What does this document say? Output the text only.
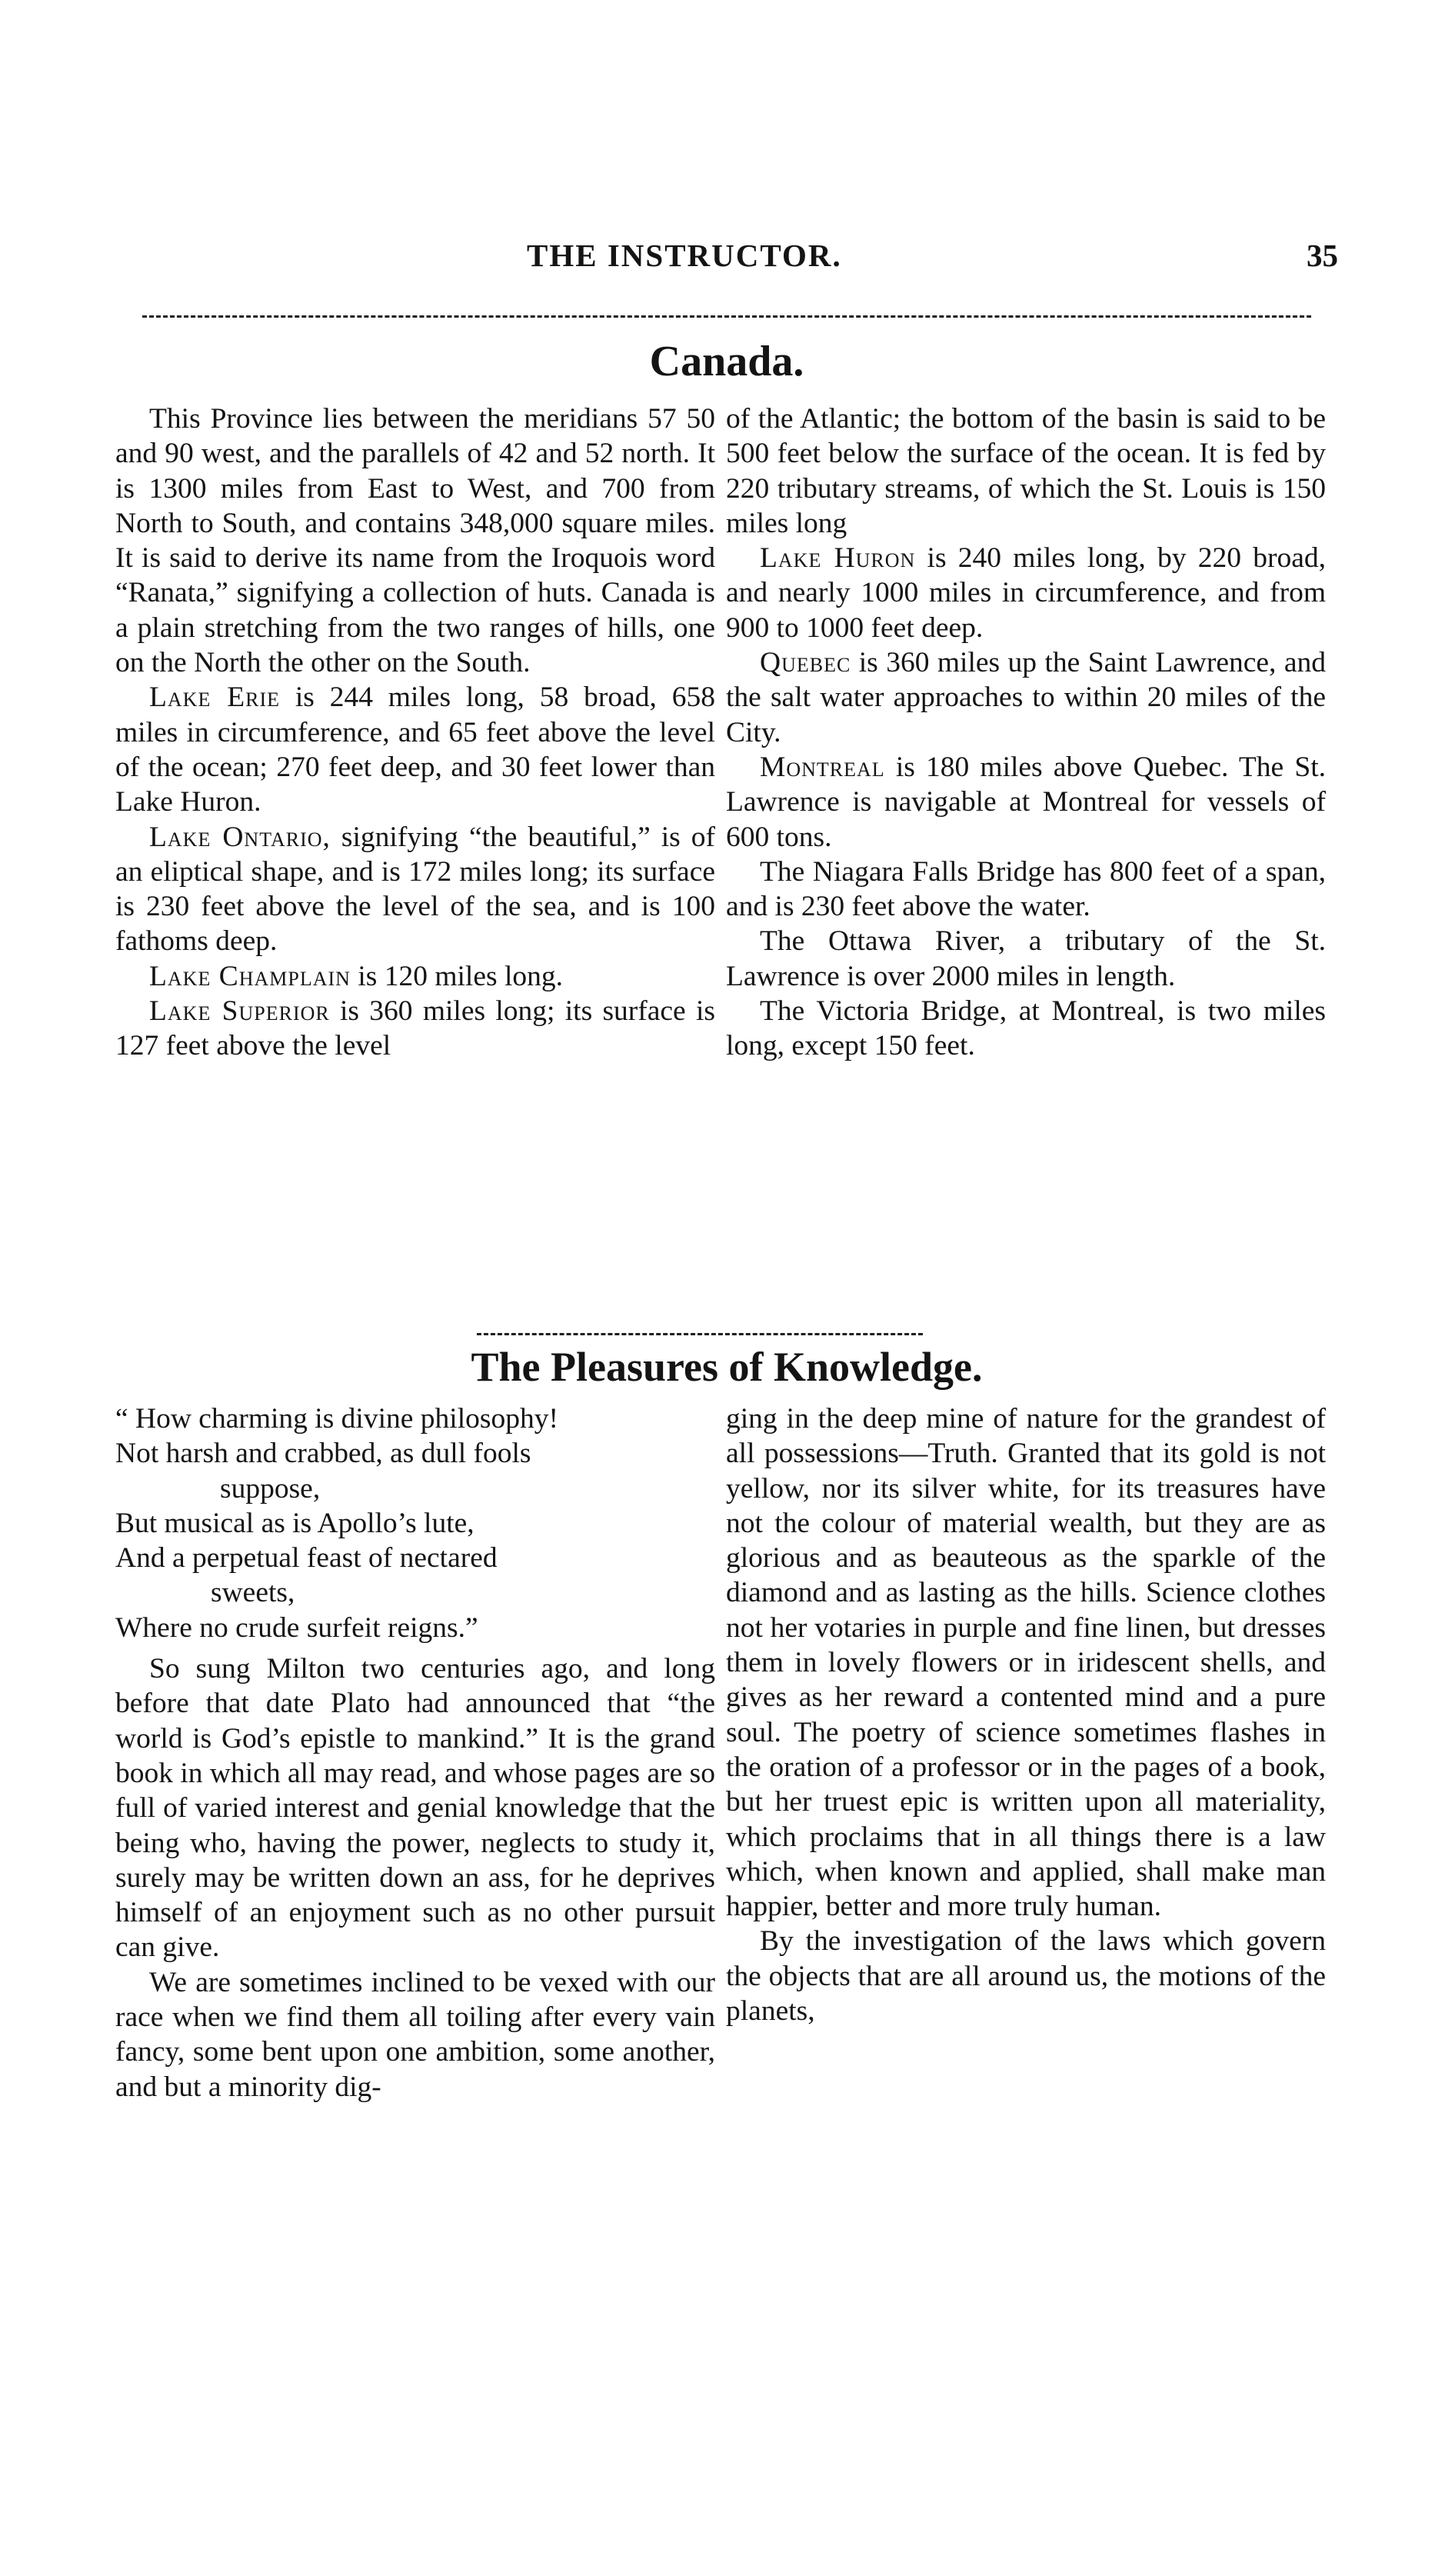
THE INSTRUCTOR.	35
Canada.

This Province lies between the meridians 57 50 and 90 west, and the parallels of 42 and 52 north. It is 1300 miles from East to West, and 700 from North to South, and contains 348,000 square miles. It is said to derive its name from the Iroquois word “Ranata,” signifying a collection of huts. Canada is a plain stretching from the two ranges of hills, one on the North the other on the South.

Lake Erie is 244 miles long, 58 broad, 658 miles in circumference, and 65 feet above the level of the ocean; 270 feet deep, and 30 feet lower than Lake Huron.

Lake Ontario, signifying “the beautiful,” is of an eliptical shape, and is 172 miles long; its surface is 230 feet above the level of the sea, and is 100 fathoms deep.

Lake Champlain is 120 miles long.

Lake Superior is 360 miles long; its surface is 127 feet above the level

of the Atlantic; the bottom of the basin is said to be 500 feet below the surface of the ocean. It is fed by 220 tributary streams, of which the St. Louis is 150 miles long

Lake Huron is 240 miles long, by 220 broad, and nearly 1000 miles in circumference, and from 900 to 1000 feet deep.

Quebec is 360 miles up the Saint Lawrence, and the salt water approaches to within 20 miles of the City.

Montreal is 180 miles above Quebec. The St. Lawrence is navigable at Montreal for vessels of 600 tons.

The Niagara Falls Bridge has 800 feet of a span, and is 230 feet above the water.

The Ottawa River, a tributary of the St. Lawrence is over 2000 miles in length.

The Victoria Bridge, at Montreal, is two miles long, except 150 feet.

The Pleasures of Knowledge.
“ How charming is divine philosophy!
Not harsh and crabbed, as dull fools
suppose,
But musical as is Apollo’s lute,
And a perpetual feast of nectared
sweets,
Where no crude surfeit reigns.”

So sung Milton two centuries ago, and long before that date Plato had announced that “the world is God’s epistle to mankind.” It is the grand book in which all may read, and whose pages are so full of varied interest and genial knowledge that the being who, having the power, neglects to study it, surely may be written down an ass, for he deprives himself of an enjoyment such as no other pursuit can give.

We are sometimes inclined to be vexed with our race when we find them all toiling after every vain fancy, some bent upon one ambition, some another, and but a minority dig-

ging in the deep mine of nature for the grandest of all possessions—Truth. Granted that its gold is not yellow, nor its silver white, for its treasures have not the colour of material wealth, but they are as glorious and as beauteous as the sparkle of the diamond and as lasting as the hills. Science clothes not her votaries in purple and fine linen, but dresses them in lovely flowers or in iridescent shells, and gives as her reward a contented mind and a pure soul. The poetry of science sometimes flashes in the oration of a professor or in the pages of a book, but her truest epic is written upon all materiality, which proclaims that in all things there is a law which, when known and applied, shall make man happier, better and more truly human.

By the investigation of the laws which govern the objects that are all around us, the motions of the planets,
